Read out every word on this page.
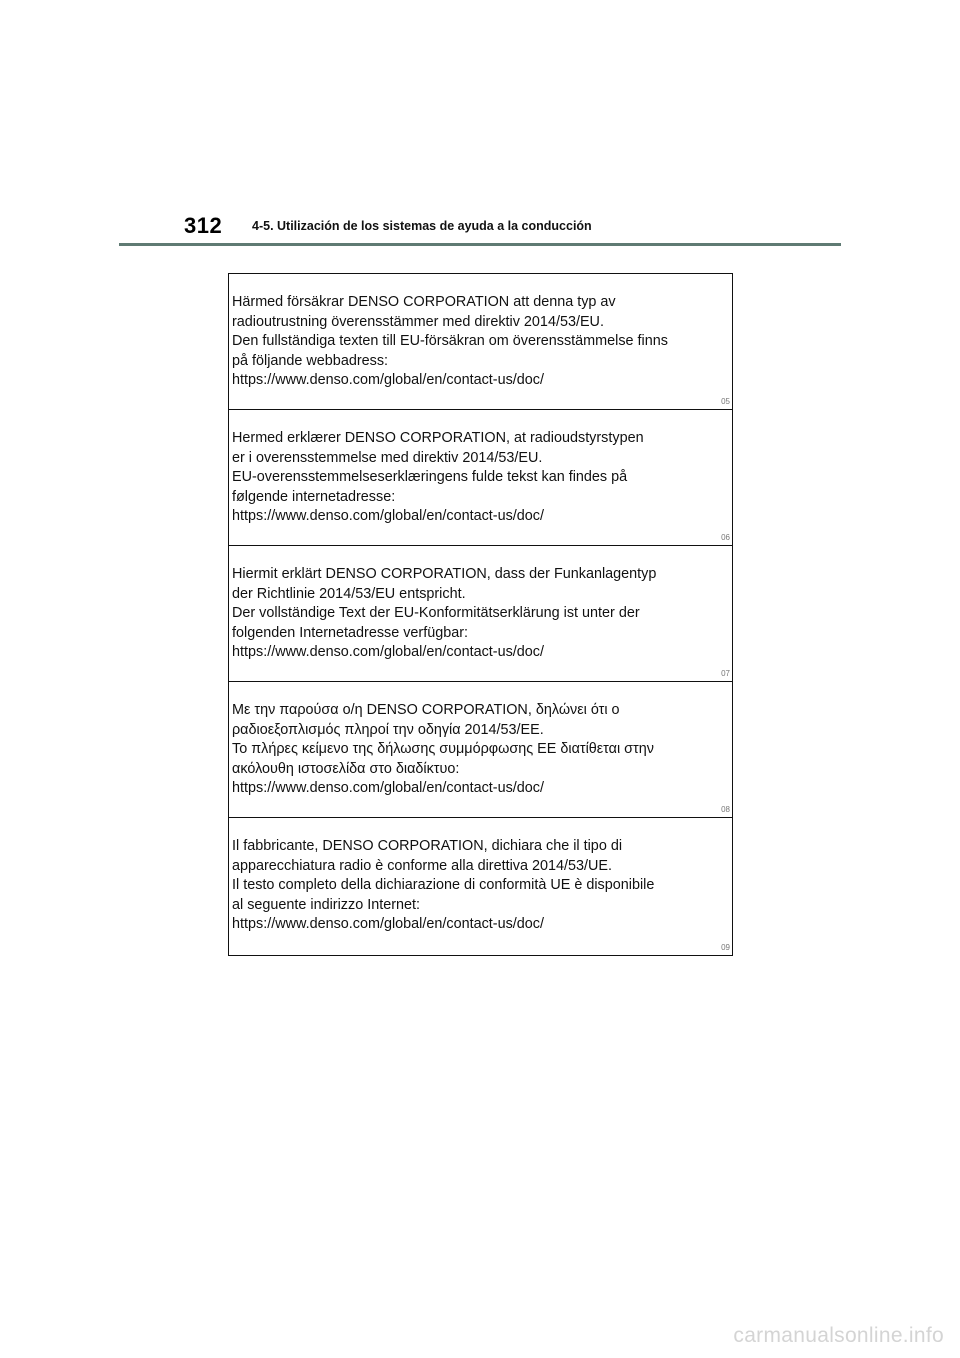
312 4-5. Utilización de los sistemas de ayuda a la conducción
Härmed försäkrar DENSO CORPORATION att denna typ av
radioutrustning överensstämmer med direktiv 2014/53/EU.
Den fullständiga texten till EU-försäkran om överensstämmelse finns
på följande webbadress:
https://www.denso.com/global/en/contact-us/doc/
05
Hermed erklærer DENSO CORPORATION, at radioudstyrstypen
er i overensstemmelse med direktiv 2014/53/EU.
EU-overensstemmelseserklæringens fulde tekst kan findes på
følgende internetadresse:
https://www.denso.com/global/en/contact-us/doc/
06
Hiermit erklärt DENSO CORPORATION, dass der Funkanlagentyp
der Richtlinie 2014/53/EU entspricht.
Der vollständige Text der EU-Konformitätserklärung ist unter der
folgenden Internetadresse verfügbar:
https://www.denso.com/global/en/contact-us/doc/
07
Με την παρούσα ο/η DENSO CORPORATION, δηλώνει ότι ο
ραδιοεξοπλισμός πληροί την οδηγία 2014/53/ΕΕ.
Το πλήρες κείμενο της δήλωσης συμμόρφωσης ΕΕ διατίθεται στην
ακόλουθη ιστοσελίδα στο διαδίκτυο:
https://www.denso.com/global/en/contact-us/doc/
08
Il fabbricante, DENSO CORPORATION, dichiara che il tipo di
apparecchiatura radio è conforme alla direttiva 2014/53/UE.
Il testo completo della dichiarazione di conformità UE è disponibile
al seguente indirizzo Internet:
https://www.denso.com/global/en/contact-us/doc/
09
carmanualsonline.info
